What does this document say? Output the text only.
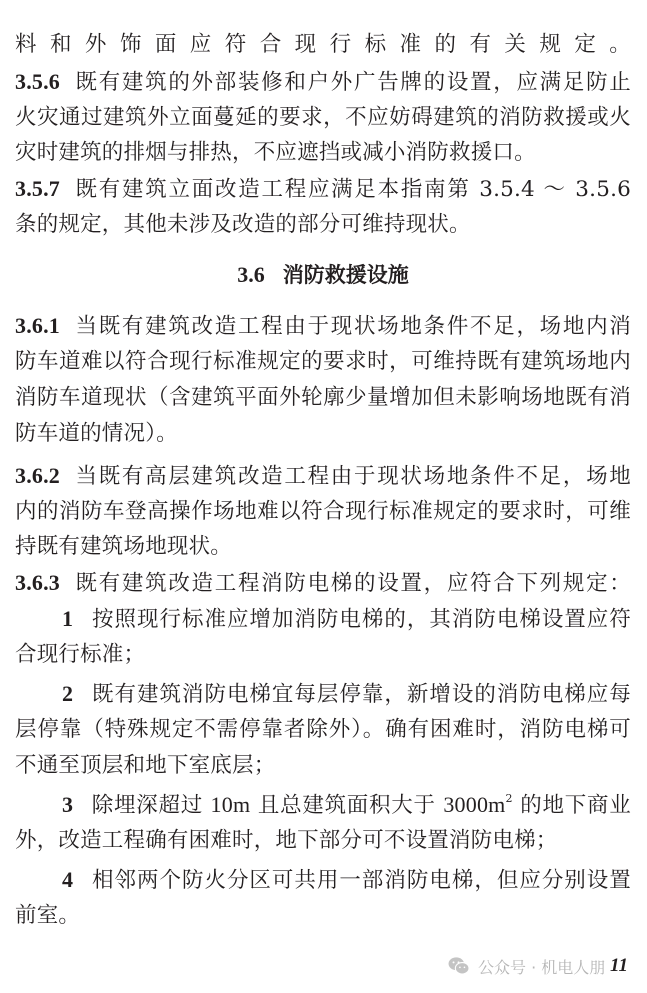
料和外饰面应符合现行标准的有关规定。
3.5.6 既有建筑的外部装修和户外广告牌的设置，应满足防止
火灾通过建筑外立面蔓延的要求，不应妨碍建筑的消防救援或火
灾时建筑的排烟与排热，不应遮挡或减小消防救援口。
3.5.7 既有建筑立面改造工程应满足本指南第 3.5.4 ～ 3.5.6
条的规定，其他未涉及改造的部分可维持现状。
3.6 消防救援设施
3.6.1 当既有建筑改造工程由于现状场地条件不足，场地内消
防车道难以符合现行标准规定的要求时，可维持既有建筑场地内
消防车道现状（含建筑平面外轮廓少量增加但未影响场地既有消
防车道的情况）。
3.6.2 当既有高层建筑改造工程由于现状场地条件不足，场地
内的消防车登高操作场地难以符合现行标准规定的要求时，可维
持既有建筑场地现状。
3.6.3 既有建筑改造工程消防电梯的设置，应符合下列规定：
1 按照现行标准应增加消防电梯的，其消防电梯设置应符
合现行标准；
2 既有建筑消防电梯宜每层停靠，新增设的消防电梯应每
层停靠（特殊规定不需停靠者除外）。确有困难时，消防电梯可
不通至顶层和地下室底层；
3 除埋深超过 10m 且总建筑面积大于 $3000m^2$ 的地下商业
外，改造工程确有困难时，地下部分可不设置消防电梯；
4 相邻两个防火分区可共用一部消防电梯，但应分别设置
前室。
公众号 · 机电人朋 11
